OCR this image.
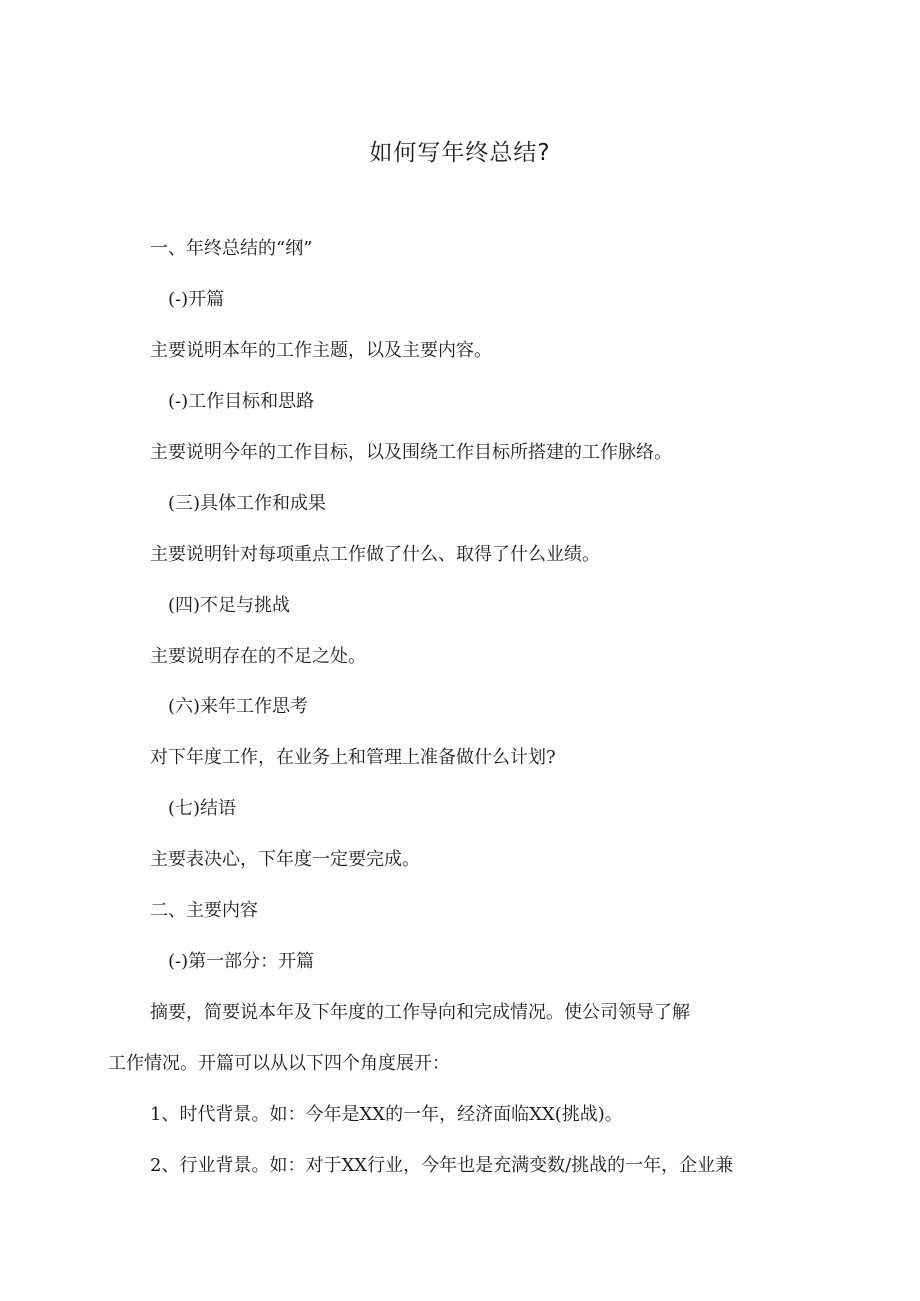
如何写年终总结?

一、年终总结的“纲”

(-)开篇

主要说明本年的工作主题，以及主要内容。

(-)工作目标和思路

主要说明今年的工作目标，以及围绕工作目标所搭建的工作脉络。

(三)具体工作和成果

主要说明针对每项重点工作做了什么、取得了什么业绩。

(四)不足与挑战

主要说明存在的不足之处。

(六)来年工作思考

对下年度工作，在业务上和管理上准备做什么计划?

(七)结语

主要表决心，下年度一定要完成。

二、主要内容

(-)第一部分：开篇

摘要，简要说本年及下年度的工作导向和完成情况。使公司领导了解

工作情况。开篇可以从以下四个角度展开：

1、时代背景。如：今年是XX的一年，经济面临XX(挑战)。

2、行业背景。如：对于XX行业，今年也是充满变数/挑战的一年，企业兼
